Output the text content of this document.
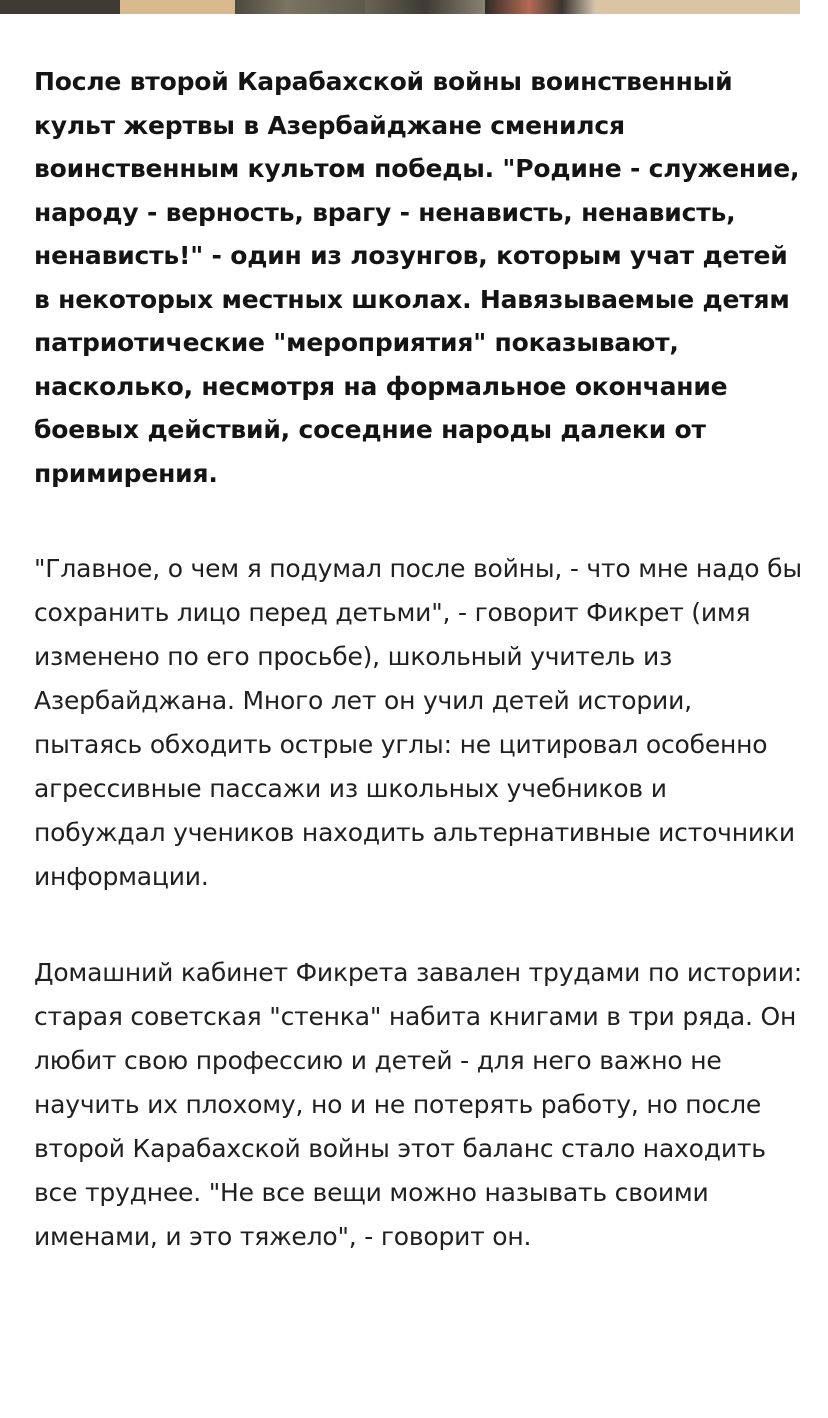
После второй Карабахской войны воинственный культ жертвы в Азербайджане сменился воинственным культом победы. "Родине - служение, народу - верность, врагу - ненависть, ненависть, ненависть!" - один из лозунгов, которым учат детей в некоторых местных школах. Навязываемые детям патриотические "мероприятия" показывают, насколько, несмотря на формальное окончание боевых действий, соседние народы далеки от примирения.

"Главное, о чем я подумал после войны, - что мне надо бы сохранить лицо перед детьми", - говорит Фикрет (имя изменено по его просьбе), школьный учитель из Азербайджана. Много лет он учил детей истории, пытаясь обходить острые углы: не цитировал особенно агрессивные пассажи из школьных учебников и побуждал учеников находить альтернативные источники информации.

Домашний кабинет Фикрета завален трудами по истории: старая советская "стенка" набита книгами в три ряда. Он любит свою профессию и детей - для него важно не научить их плохому, но и не потерять работу, но после второй Карабахской войны этот баланс стало находить все труднее. "Не все вещи можно называть своими именами, и это тяжело", - говорит он.
